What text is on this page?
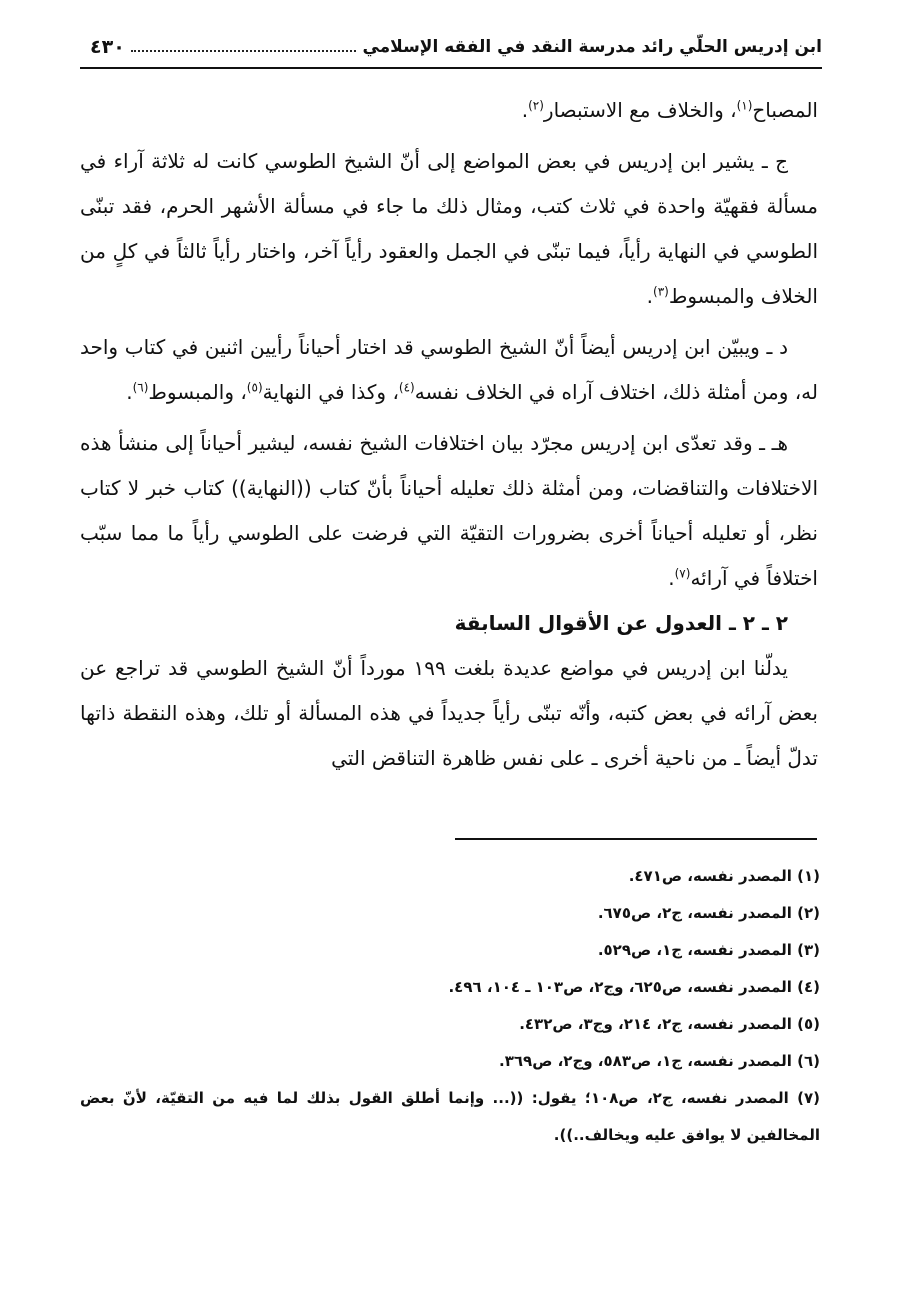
ابن إدريس الحلّي رائد مدرسة النقد في الفقه الإسلامي
٤٣٠

المصباح$^{(١)}$، والخلاف مع الاستبصار$^{(٢)}$.

ج ـ يشير ابن إدريس في بعض المواضع إلى أنّ الشيخ الطوسي كانت له ثلاثة آراء في مسألة فقهيّة واحدة في ثلاث كتب، ومثال ذلك ما جاء في مسألة الأشهر الحرم، فقد تبنّى الطوسي في النهاية رأياً، فيما تبنّى في الجمل والعقود رأياً آخر، واختار رأياً ثالثاً في كلٍ من الخلاف والمبسوط$^{(٣)}$.

د ـ ويبيّن ابن إدريس أيضاً أنّ الشيخ الطوسي قد اختار أحياناً رأيين اثنين في كتاب واحد له، ومن أمثلة ذلك، اختلاف آراه في الخلاف نفسه$^{(٤)}$، وكذا في النهاية$^{(٥)}$، والمبسوط$^{(٦)}$.

هـ ـ وقد تعدّى ابن إدريس مجرّد بيان اختلافات الشيخ نفسه، ليشير أحياناً إلى منشأ هذه الاختلافات والتناقضات، ومن أمثلة ذلك تعليله أحياناً بأنّ كتاب ((النهاية)) كتاب خبر لا كتاب نظر، أو تعليله أحياناً أخرى بضرورات التقيّة التي فرضت على الطوسي رأياً ما مما سبّب اختلافاً في آرائه$^{(٧)}$.

٢ ـ ٢ ـ العدول عن الأقوال السابقة

يدلّنا ابن إدريس في مواضع عديدة بلغت ١٩٩ مورداً أنّ الشيخ الطوسي قد تراجع عن بعض آرائه في بعض كتبه، وأنّه تبنّى رأياً جديداً في هذه المسألة أو تلك، وهذه النقطة ذاتها تدلّ أيضاً ـ من ناحية أخرى ـ على نفس ظاهرة التناقض التي

(١) المصدر نفسه، ص٤٧١.
(٢) المصدر نفسه، ج٢، ص٦٧٥.
(٣) المصدر نفسه، ج١، ص٥٢٩.
(٤) المصدر نفسه، ص٦٢٥، وج٢، ص١٠٣ ـ ١٠٤، ٤٩٦.
(٥) المصدر نفسه، ج٢، ٢١٤، وج٣، ص٤٣٢.
(٦) المصدر نفسه، ج١، ص٥٨٣، وج٢، ص٣٦٩.
(٧) المصدر نفسه، ج٢، ص١٠٨؛ يقول: ((... وإنما أطلق القول بذلك لما فيه من التقيّة، لأنّ بعض المخالفين لا يوافق عليه ويخالف..)).
